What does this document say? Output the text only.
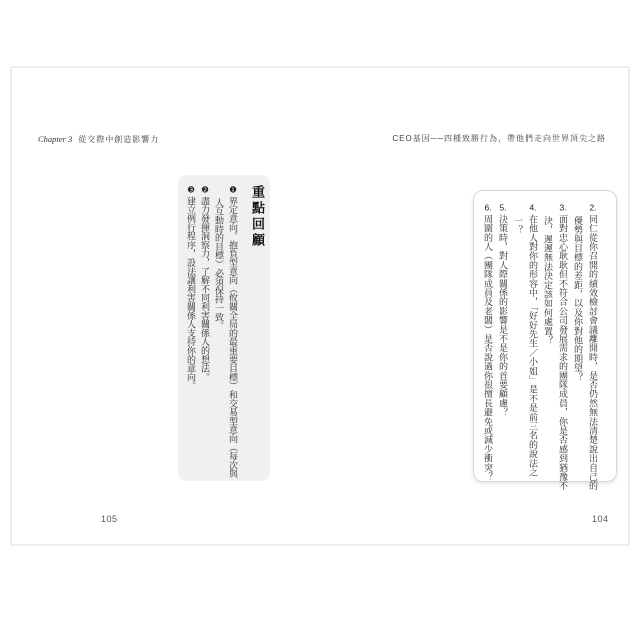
Chapter 3 從交際中創造影響力	CEO基因──四種致勝行為，帶他們走向世界頂尖之路
重點回顧
❶界定意向。抱負型意向（攸關全局的最重要目標）和交易型意向（每次與
人互動時的目標）必須保持一致。
❷盡力發揮洞察力，了解不同利害關係人的想法。
❸建立例行程序，設法讓利害關係人支持你的意向。	2.同仁從你召開的績效檢討會議離開時，是否仍然無法清楚說出自己的
優勢與目標的差距，以及你對他的期望？
3.面對忠心耿耿但不符合公司發展需求的團隊成員，你是否感到猶豫不
決，遲遲無法決定該如何處置？
4.在他人對你的形容中，「好好先生／小姐」是不是前三名的說法之
一？
5.決策時，對人際關係的影響是不是你的首要顧慮？
6.周圍的人（團隊成員及老闆）是否說過你很擅長避免或減少衝突？
105	104
